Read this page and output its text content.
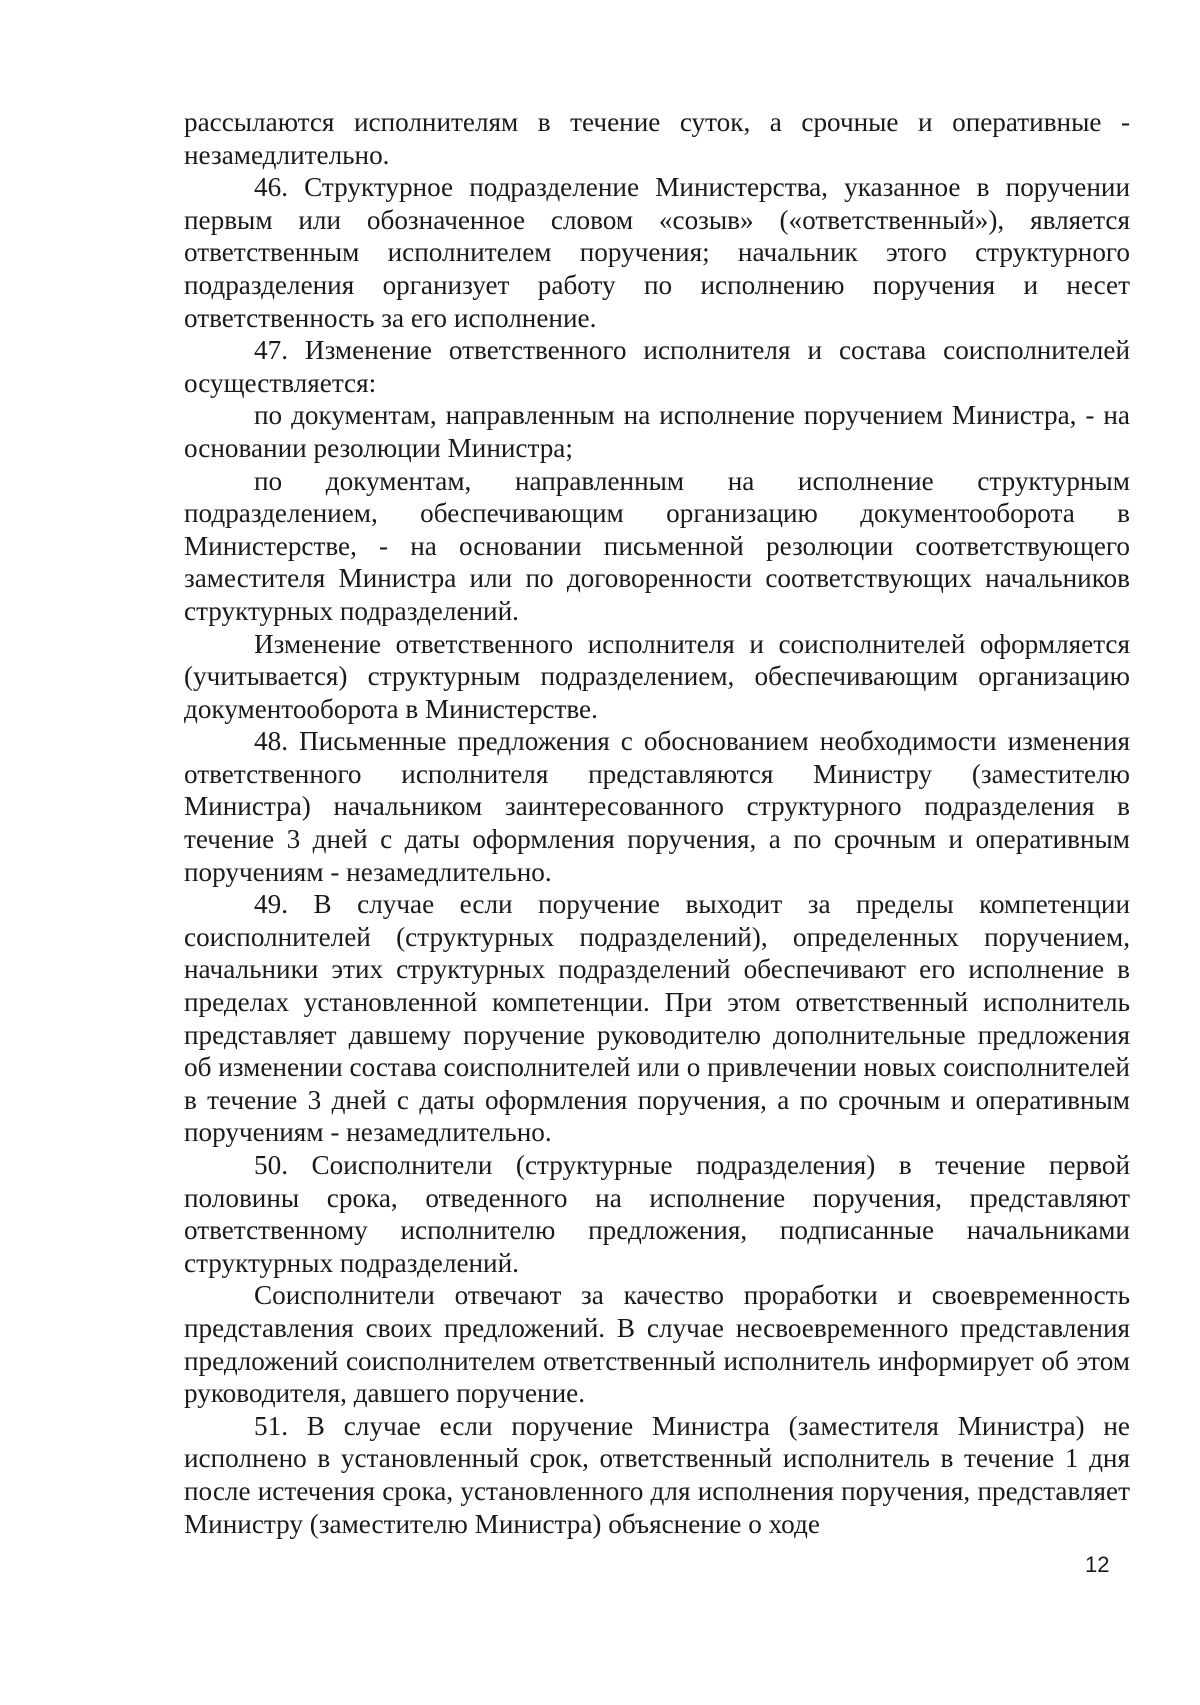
рассылаются исполнителям в течение суток, а срочные и оперативные - незамедлительно.

46. Структурное подразделение Министерства, указанное в поручении первым или обозначенное словом «созыв» («ответственный»), является ответственным исполнителем поручения; начальник этого структурного подразделения организует работу по исполнению поручения и несет ответственность за его исполнение.

47. Изменение ответственного исполнителя и состава соисполнителей осуществляется:

по документам, направленным на исполнение поручением Министра, - на основании резолюции Министра;

по документам, направленным на исполнение структурным подразделением, обеспечивающим организацию документооборота в Министерстве, - на основании письменной резолюции соответствующего заместителя Министра или по договоренности соответствующих начальников структурных подразделений.

Изменение ответственного исполнителя и соисполнителей оформляется (учитывается) структурным подразделением, обеспечивающим организацию документооборота в Министерстве.

48. Письменные предложения с обоснованием необходимости изменения ответственного исполнителя представляются Министру (заместителю Министра) начальником заинтересованного структурного подразделения в течение 3 дней с даты оформления поручения, а по срочным и оперативным поручениям - незамедлительно.

49. В случае если поручение выходит за пределы компетенции соисполнителей (структурных подразделений), определенных поручением, начальники этих структурных подразделений обеспечивают его исполнение в пределах установленной компетенции. При этом ответственный исполнитель представляет давшему поручение руководителю дополнительные предложения об изменении состава соисполнителей или о привлечении новых соисполнителей в течение 3 дней с даты оформления поручения, а по срочным и оперативным поручениям - незамедлительно.

50. Соисполнители (структурные подразделения) в течение первой половины срока, отведенного на исполнение поручения, представляют ответственному исполнителю предложения, подписанные начальниками структурных подразделений.

Соисполнители отвечают за качество проработки и своевременность представления своих предложений. В случае несвоевременного представления предложений соисполнителем ответственный исполнитель информирует об этом руководителя, давшего поручение.

51. В случае если поручение Министра (заместителя Министра) не исполнено в установленный срок, ответственный исполнитель в течение 1 дня после истечения срока, установленного для исполнения поручения, представляет Министру (заместителю Министра) объяснение о ходе

12
